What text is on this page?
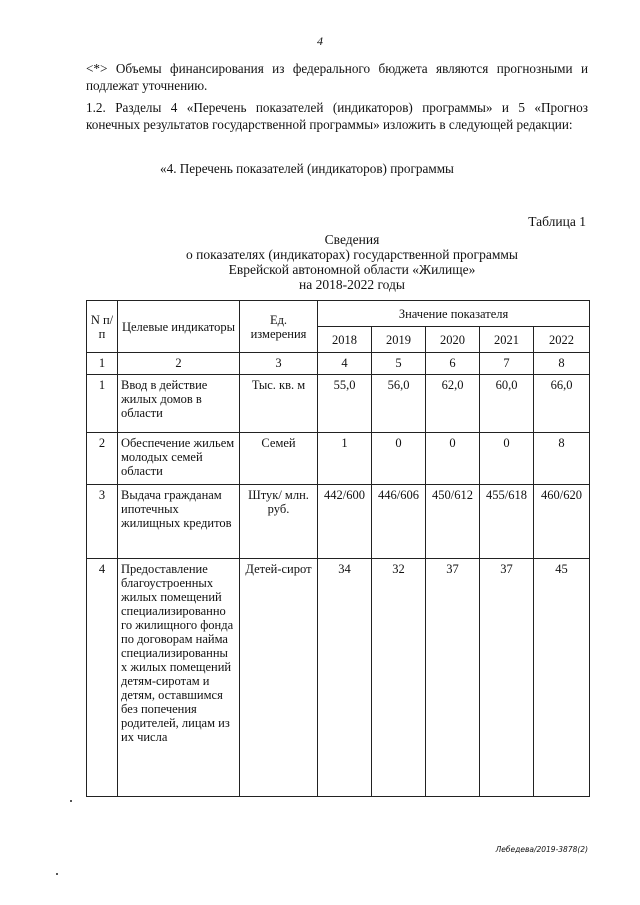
4
<*> Объемы финансирования из федерального бюджета являются прогнозными и подлежат уточнению.
1.2. Разделы 4 «Перечень показателей (индикаторов) программы» и 5 «Прогноз конечных результатов государственной программы» изложить в следующей редакции:
«4. Перечень показателей (индикаторов) программы
Таблица 1
Сведения
о показателях (индикаторах) государственной программы
Еврейской автономной области «Жилище»
на 2018-2022 годы
N п/п	Целевые индикаторы	Ед. измерения	Значение показателя				
			2018	2019	2020	2021	2022
1	2	3	4	5	6	7	8
1	Ввод в действие жилых домов в области	Тыс. кв. м	55,0	56,0	62,0	60,0	66,0
2	Обеспечение жильем молодых семей области	Семей	1	0	0	0	8
3	Выдача гражданам ипотечных жилищных кредитов	Штук/ млн. руб.	442/600	446/606	450/612	455/618	460/620
4	Предоставление благоустроенных жилых помещений специализированно го жилищного фонда по договорам найма специализированны х жилых помещений детям-сиротам и детям, оставшимся без попечения родителей, лицам из их числа	Детей-сирот	34	32	37	37	45
Лебедева/2019-3878(2)
